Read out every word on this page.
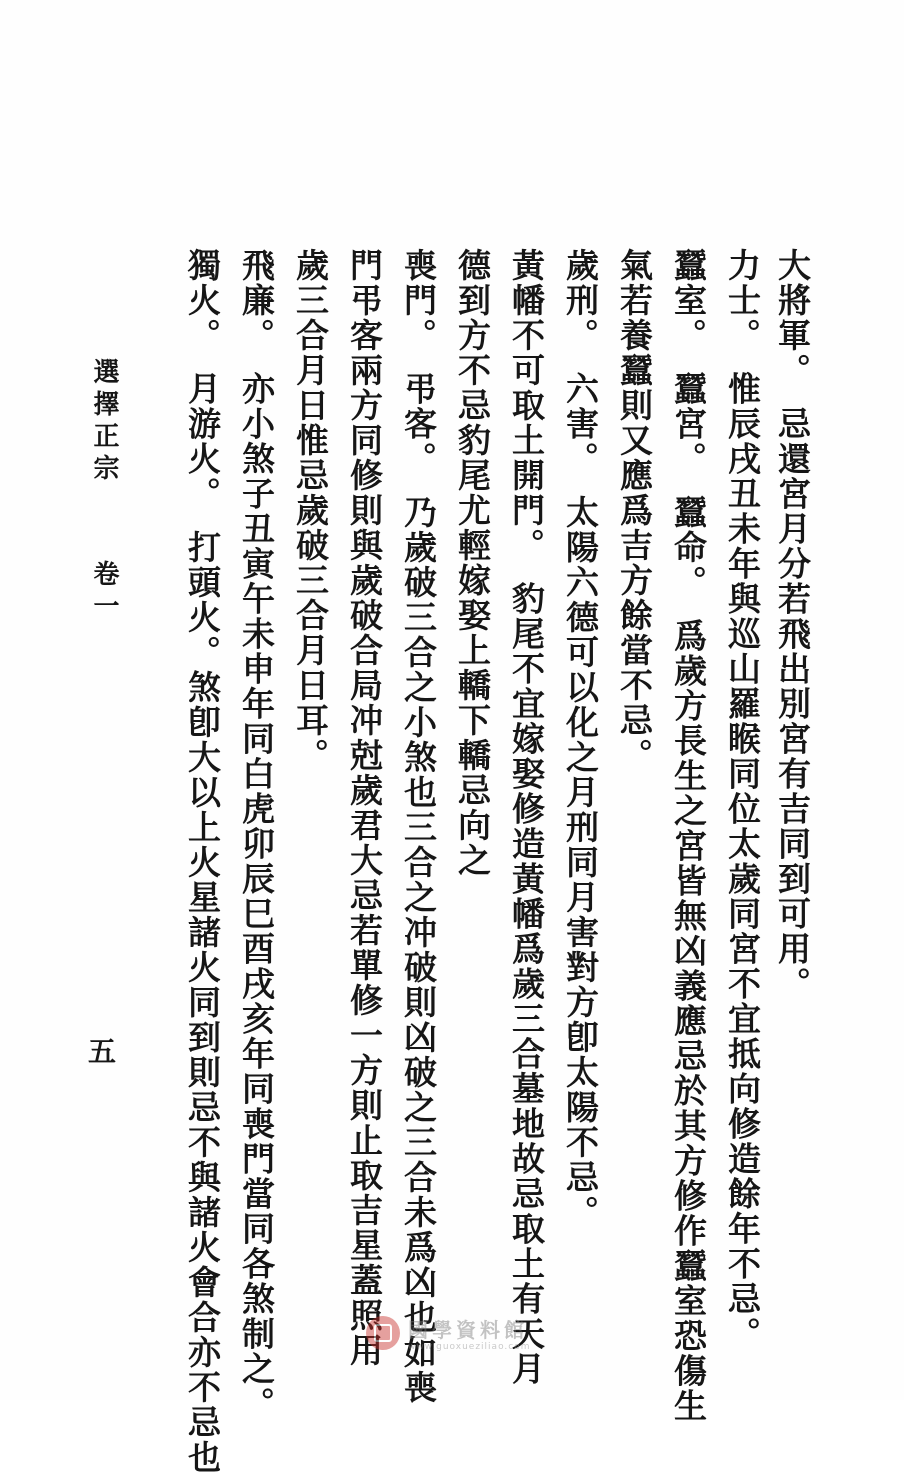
大將軍。　忌還宮月分若飛出別宮有吉同到可用。
力士。　惟辰戌丑未年與巡山羅睺同位太歲同宮不宜抵向修造餘年不忌。
蠶室。　蠶宮。　蠶命。　爲歲方長生之宮皆無凶義應忌於其方修作蠶室恐傷生
氣若養蠶則又應爲吉方餘當不忌。
歲刑。　六害。　太陽六德可以化之月刑同月害對方卽太陽不忌。
黃幡不可取土開門。　豹尾不宜嫁娶修造黃幡爲歲三合墓地故忌取土有天月
德到方不忌豹尾尤輕嫁娶上轎下轎忌向之
喪門。　弔客。　乃歲破三合之小煞也三合之冲破則凶破之三合未爲凶也如喪
門弔客兩方同修則與歲破合局冲尅歲君大忌若單修一方則止取吉星蓋照用
歲三合月日惟忌歲破三合月日耳。
飛廉。　亦小煞子丑寅午未申年同白虎卯辰巳酉戌亥年同喪門當同各煞制之。
獨火。　月游火。　打頭火。煞卽大以上火星諸火同到則忌不與諸火會合亦不忌也
選擇正宗
卷一
五
國學資料館
www.guoxueziliao.com
